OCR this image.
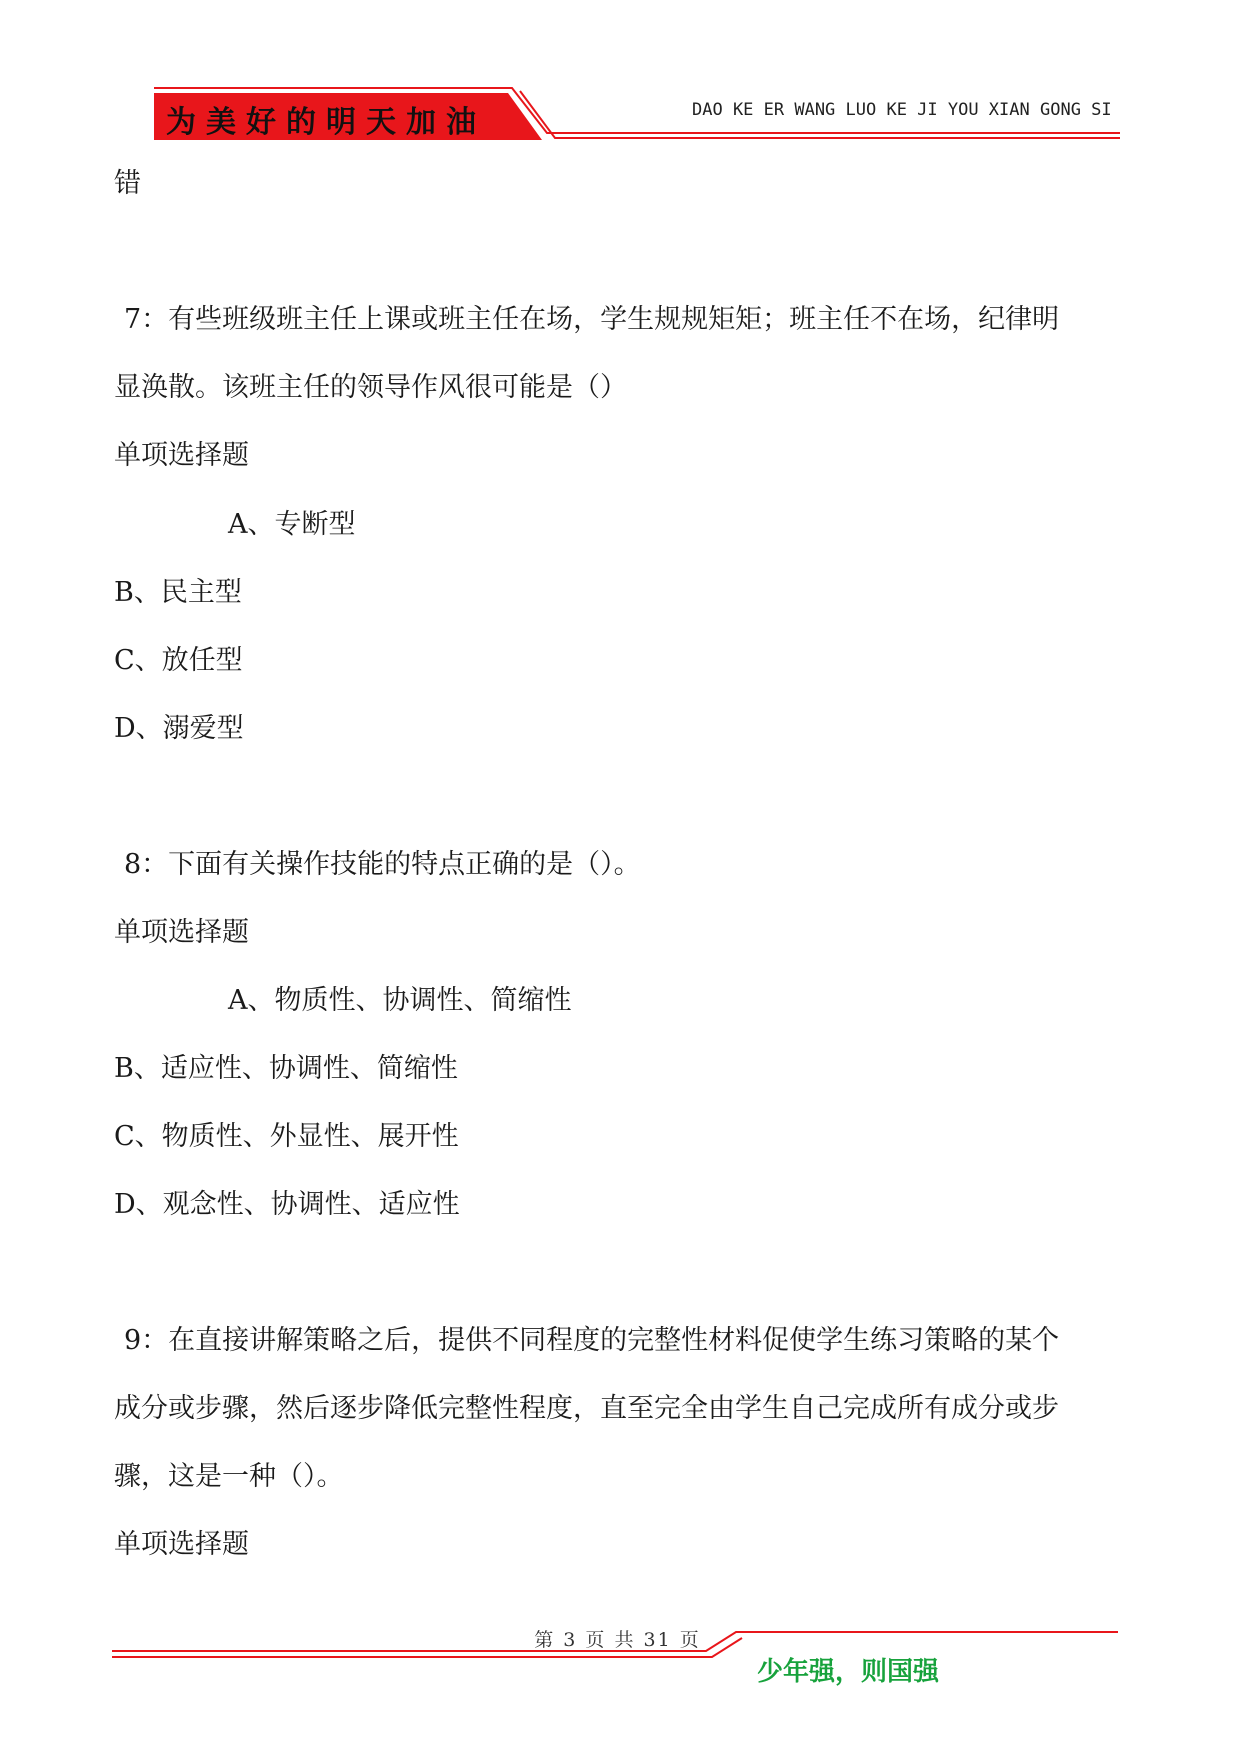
为美好的明天加油	DAO KE ER WANG LUO KE JI YOU XIAN GONG SI
错
7：有些班级班主任上课或班主任在场，学生规规矩矩；班主任不在场，纪律明
显涣散。该班主任的领导作风很可能是（）
单项选择题
A、专断型
B、民主型
C、放任型
D、溺爱型
8：下面有关操作技能的特点正确的是（）。
单项选择题
A、物质性、协调性、简缩性
B、适应性、协调性、简缩性
C、物质性、外显性、展开性
D、观念性、协调性、适应性
9：在直接讲解策略之后，提供不同程度的完整性材料促使学生练习策略的某个
成分或步骤，然后逐步降低完整性程度，直至完全由学生自己完成所有成分或步
骤，这是一种（）。
单项选择题
第 3 页 共 31 页
少年强，则国强
